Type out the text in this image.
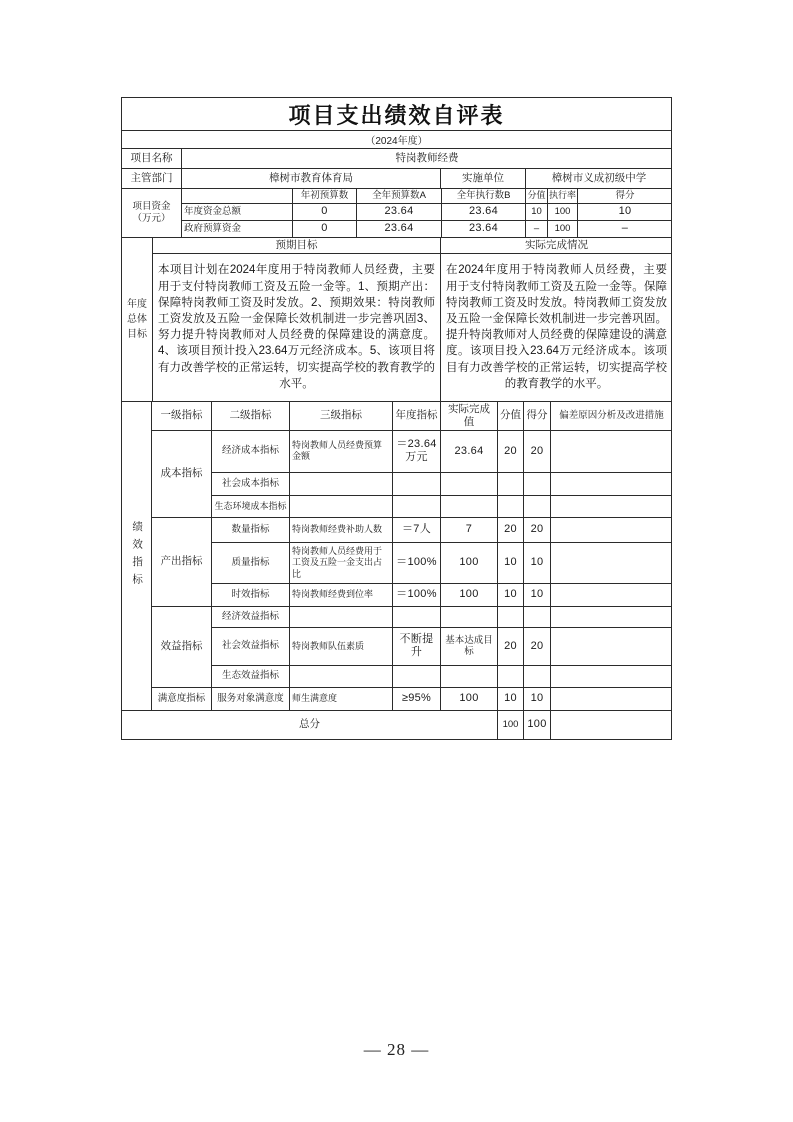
项目支出绩效自评表
（2024年度）
项目名称	特岗教师经费		
主管部门	樟树市教育体育局	实施单位	樟树市义成初级中学
项目资金（万元）		年初预算数	全年预算数A	全年执行数B	分值	执行率	得分
	年度资金总额	0	23.64	23.64	10	100	10
	政府预算资金	0	23.64	23.64	–	100	–
年度总体目标	预期目标	实际完成情况
	本项目计划在2024年度用于特岗教师人员经费，主要用于支付特岗教师工资及五险一金等。1、预期产出：保障特岗教师工资及时发放。2、预期效果：特岗教师工资发放及五险一金保障长效机制进一步完善巩固3、努力提升特岗教师对人员经费的保障建设的满意度。4、该项目预计投入23.64万元经济成本。5、该项目将有力改善学校的正常运转，切实提高学校的教育教学的水平。	在2024年度用于特岗教师人员经费，主要用于支付特岗教师工资及五险一金等。保障特岗教师工资及时发放。特岗教师工资发放及五险一金保障长效机制进一步完善巩固。提升特岗教师对人员经费的保障建设的满意度。该项目投入23.64万元经济成本。该项目有力改善学校的正常运转，切实提高学校的教育教学的水平。
绩效指标	一级指标	二级指标	三级指标	年度指标	实际完成值	分值	得分	偏差原因分析及改进措施
	成本指标	经济成本指标	特岗教师人员经费预算金额	＝23.64万元	23.64	20	20	
		社会成本指标						
		生态环境成本指标						
	产出指标	数量指标	特岗教师经费补助人数	＝7人	7	20	20	
		质量指标	特岗教师人员经费用于工资及五险一金支出占比	＝100%	100	10	10	
		时效指标	特岗教师经费到位率	＝100%	100	10	10	
	效益指标	经济效益指标						
		社会效益指标	特岗教师队伍素质	不断提升	基本达成目标	20	20	
		生态效益指标						
	满意度指标	服务对象满意度	师生满意度	≥95%	100	10	10	
总分						100	100	
— 28 —
